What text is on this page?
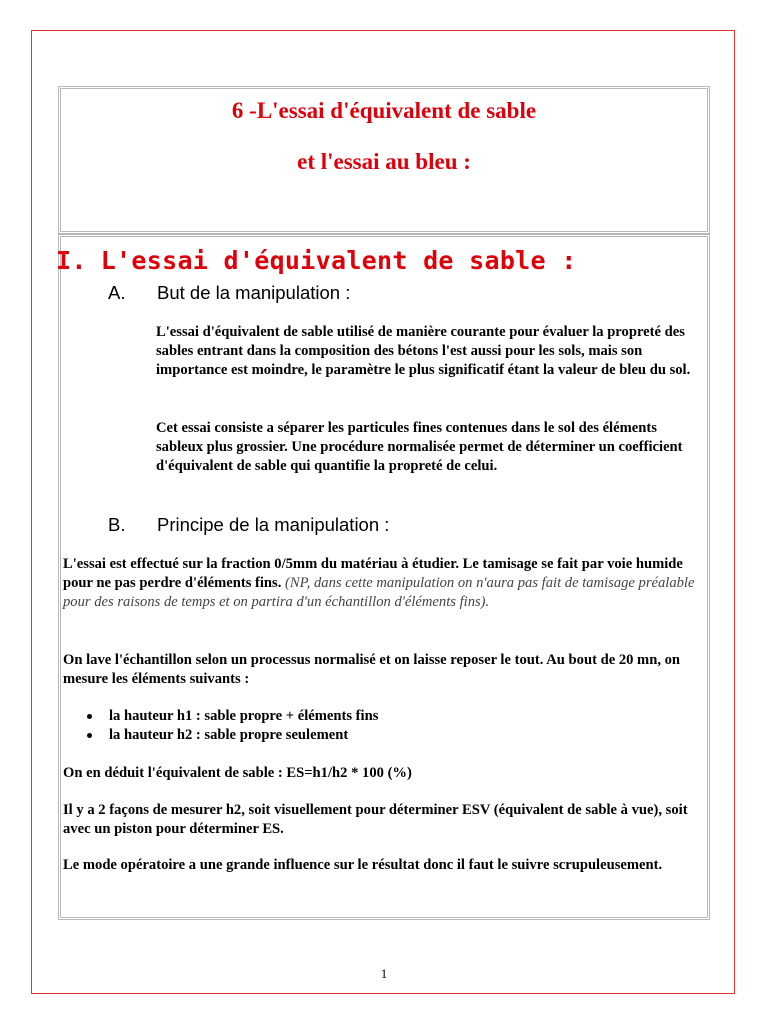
6 -L'essai d'équivalent de sable
et l'essai au bleu :
I. L'essai d'équivalent de sable :
A. But de la manipulation :

L'essai d'équivalent de sable utilisé de manière courante pour évaluer la propreté des sables entrant dans la composition des bétons l'est aussi pour les sols, mais son importance est moindre, le paramètre le plus significatif étant la valeur de bleu du sol.

Cet essai consiste a séparer les particules fines contenues dans le sol des éléments sableux plus grossier. Une procédure normalisée permet de déterminer un coefficient d'équivalent de sable qui quantifie la propreté de celui.

B. Principe de la manipulation :

L'essai est effectué sur la fraction 0/5mm du matériau à étudier. Le tamisage se fait par voie humide pour ne pas perdre d'éléments fins. (NP, dans cette manipulation on n'aura pas fait de tamisage préalable pour des raisons de temps et on partira d'un échantillon d'éléments fins).

On lave l'échantillon selon un processus normalisé et on laisse reposer le tout. Au bout de 20 mn, on mesure les éléments suivants :

la hauteur h1 : sable propre + éléments fins
la hauteur h2 : sable propre seulement

On en déduit l'équivalent de sable : ES=h1/h2 * 100 (%)

Il y a 2 façons de mesurer h2, soit visuellement pour déterminer ESV (équivalent de sable à vue), soit avec un piston pour déterminer ES.

Le mode opératoire a une grande influence sur le résultat donc il faut le suivre scrupuleusement.

1
